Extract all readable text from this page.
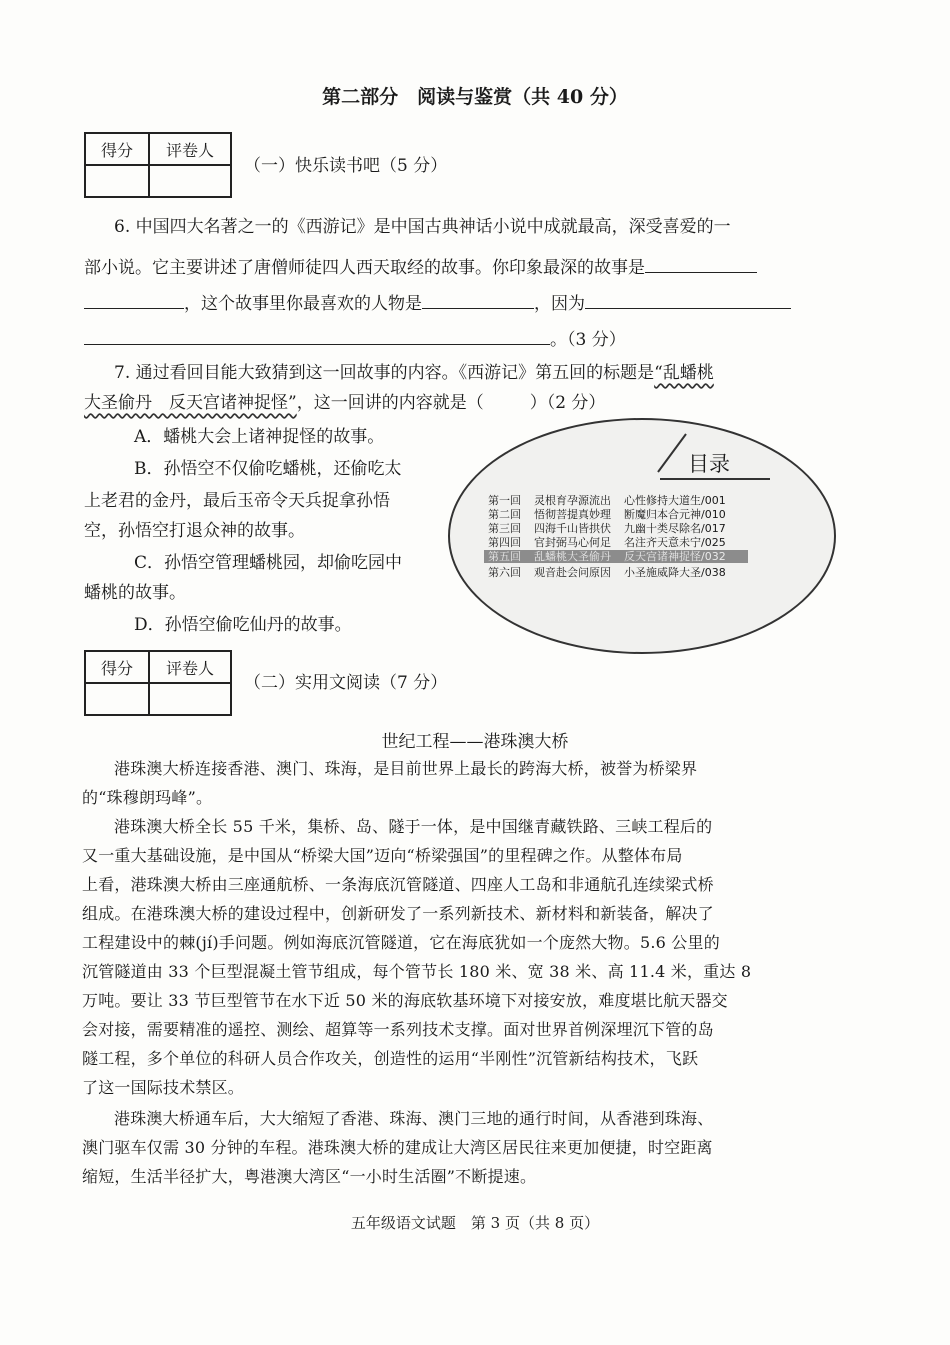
第二部分　阅读与鉴赏（共 40 分）
得分	评卷人

（一）快乐读书吧（5 分）
6. 中国四大名著之一的《西游记》是中国古典神话小说中成就最高，深受喜爱的一
部小说。它主要讲述了唐僧师徒四人西天取经的故事。你印象最深的故事是
，这个故事里你最喜欢的人物是	，因为
。（3 分）
7. 通过看回目能大致猜到这一回故事的内容。《西游记》第五回的标题是“乱蟠桃
大圣偷丹　反天宫诸神捉怪”，这一回讲的内容就是（	）（2 分）
A．蟠桃大会上诸神捉怪的故事。
B．孙悟空不仅偷吃蟠桃，还偷吃太
上老君的金丹，最后玉帝令天兵捉拿孙悟
空，孙悟空打退众神的故事。
C．孙悟空管理蟠桃园，却偷吃园中
蟠桃的故事。
D．孙悟空偷吃仙丹的故事。
目录
第一回 灵根育孕源流出 心性修持大道生/001
第二回 悟彻菩提真妙理 断魔归本合元神/010
第三回 四海千山皆拱伏 九幽十类尽除名/017
第四回 官封弼马心何足 名注齐天意未宁/025
第五回 乱蟠桃大圣偷丹 反天宫诸神捉怪/032
第六回 观音赴会问原因 小圣施威降大圣/038
得分	评卷人

（二）实用文阅读（7 分）
世纪工程——港珠澳大桥
港珠澳大桥连接香港、澳门、珠海，是目前世界上最长的跨海大桥，被誉为桥梁界
的“珠穆朗玛峰”。
港珠澳大桥全长 55 千米，集桥、岛、隧于一体，是中国继青藏铁路、三峡工程后的
又一重大基础设施，是中国从“桥梁大国”迈向“桥梁强国”的里程碑之作。从整体布局
上看，港珠澳大桥由三座通航桥、一条海底沉管隧道、四座人工岛和非通航孔连续梁式桥
组成。在港珠澳大桥的建设过程中，创新研发了一系列新技术、新材料和新装备，解决了
工程建设中的棘(jí)手问题。例如海底沉管隧道，它在海底犹如一个庞然大物。5.6 公里的
沉管隧道由 33 个巨型混凝土管节组成，每个管节长 180 米、宽 38 米、高 11.4 米，重达 8
万吨。要让 33 节巨型管节在水下近 50 米的海底软基环境下对接安放，难度堪比航天器交
会对接，需要精准的遥控、测绘、超算等一系列技术支撑。面对世界首例深埋沉下管的岛
隧工程，多个单位的科研人员合作攻关，创造性的运用“半刚性”沉管新结构技术，飞跃
了这一国际技术禁区。
港珠澳大桥通车后，大大缩短了香港、珠海、澳门三地的通行时间，从香港到珠海、
澳门驱车仅需 30 分钟的车程。港珠澳大桥的建成让大湾区居民往来更加便捷，时空距离
缩短，生活半径扩大，粤港澳大湾区“一小时生活圈”不断提速。
五年级语文试题　第 3 页（共 8 页）
